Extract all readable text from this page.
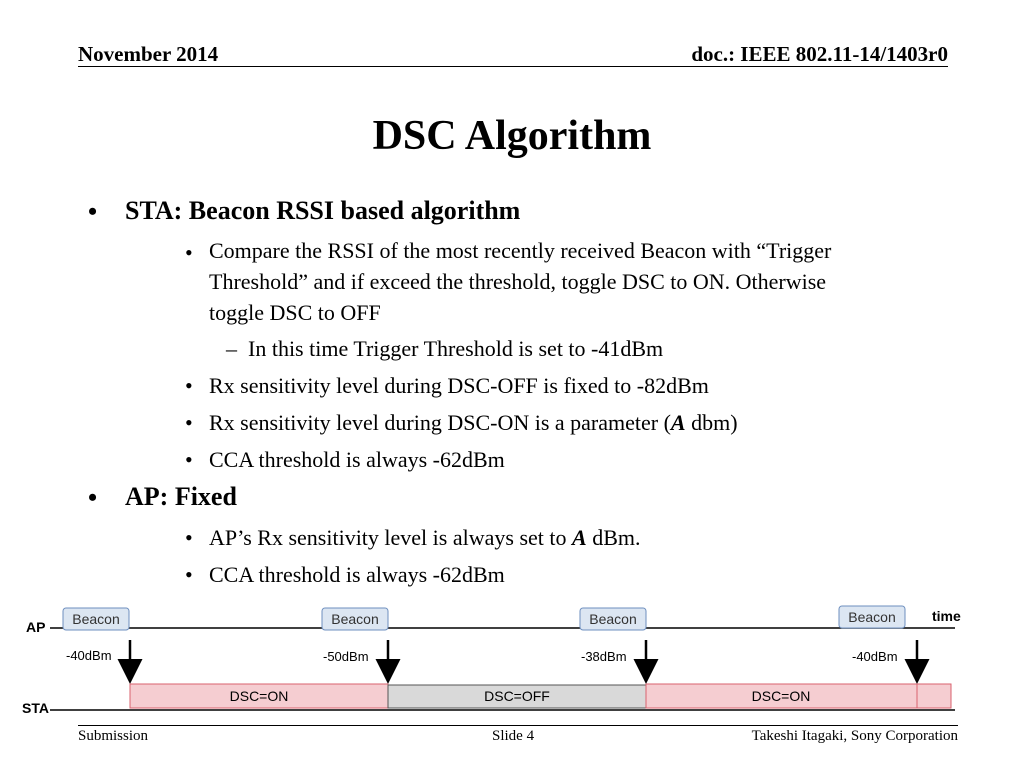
November 2014	doc.: IEEE 802.11-14/1403r0
DSC Algorithm
• STA: Beacon RSSI based algorithm
• Compare the RSSI of the most recently received Beacon with “Trigger
Threshold” and if exceed the threshold, toggle DSC to ON. Otherwise
toggle DSC to OFF
– In this time Trigger Threshold is set to -41dBm
• Rx sensitivity level during DSC-OFF is fixed to -82dBm
• Rx sensitivity level during DSC-ON is a parameter (A dbm)
• CCA threshold is always -62dBm
• AP: Fixed
• AP’s Rx sensitivity level is always set to A dBm.
• CCA threshold is always -62dBm
AP
time
STA
Beacon	Beacon	Beacon	Beacon
-40dBm	-50dBm	-38dBm	-40dBm
DSC=ON	DSC=OFF	DSC=ON
Submission	Slide 4	Takeshi Itagaki, Sony Corporation
